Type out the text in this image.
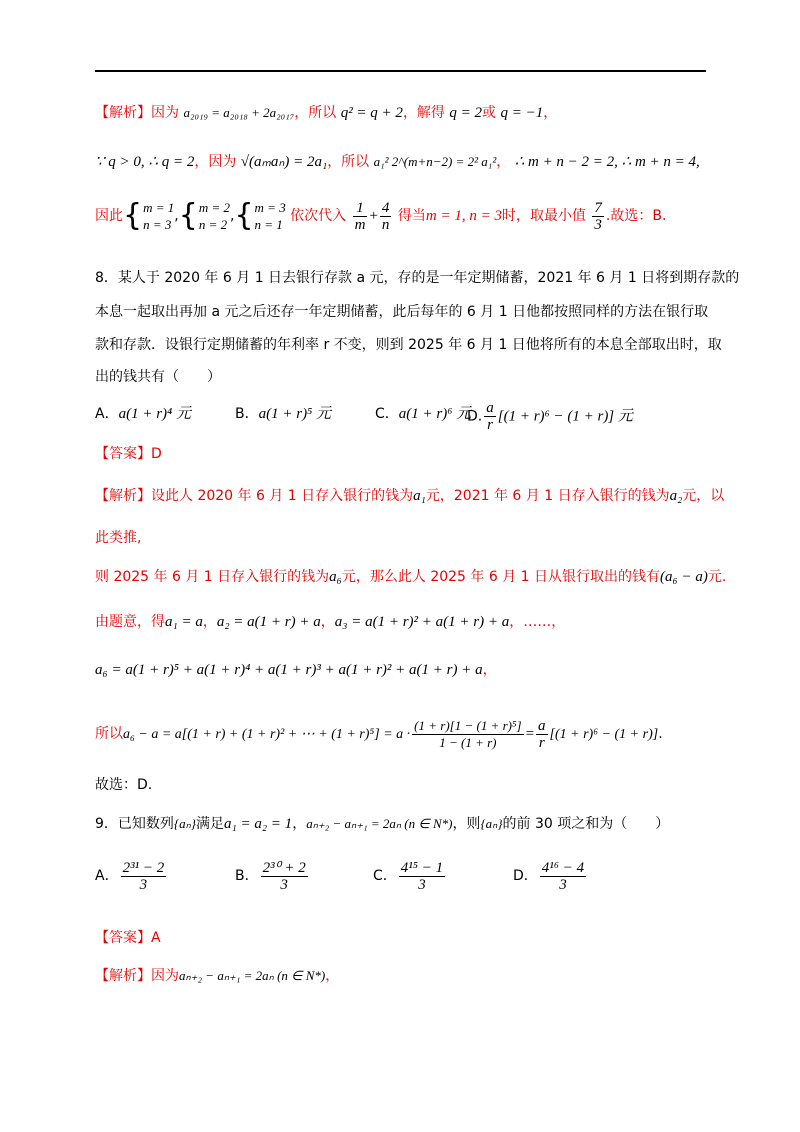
【解析】因为 a₂₀₁₉ = a₂₀₁₈ + 2a₂₀₁₇，所以 q² = q + 2，解得 q = 2或 q = −1，
∵ q > 0, ∴ q = 2，因为 √(aₘaₙ) = 2a₁，所以 a₁² 2^(m+n−2) = 2² a₁²， ∴ m + n − 2 = 2, ∴ m + n = 4,
因此{m = 1
n = 3,{m = 2
n = 2,{m = 3
n = 1 依次代入 $\frac{1}{m} + \frac{4}{n}$ 得当m = 1, n = 3时，取最小值 $\frac{7}{3}$ .故选：B.
8．某人于 2020 年 6 月 1 日去银行存款 a 元，存的是一年定期储蓄，2021 年 6 月 1 日将到期存款的
本息一起取出再加 a 元之后还存一年定期储蓄，此后每年的 6 月 1 日他都按照同样的方法在银行取
款和存款．设银行定期储蓄的年利率 r 不变，则到 2025 年 6 月 1 日他将所有的本息全部取出时，取
出的钱共有（　　）
A．a(1 + r)⁴ 元	B．a(1 + r)⁵ 元	C．a(1 + r)⁶ 元
D. $\frac{a}{r} [(1 + r)^6 - (1 + r)]$ 元
【答案】D
【解析】设此人 2020 年 6 月 1 日存入银行的钱为a₁元，2021 年 6 月 1 日存入银行的钱为a₂元，以
此类推,
则 2025 年 6 月 1 日存入银行的钱为a₆元，那么此人 2025 年 6 月 1 日从银行取出的钱有(a₆ − a)元.
由题意，得a₁ = a，a₂ = a(1 + r) + a，a₃ = a(1 + r)² + a(1 + r) + a，……，
a₆ = a(1 + r)⁵ + a(1 + r)⁴ + a(1 + r)³ + a(1 + r)² + a(1 + r) + a，
所以a₆ − a = a[(1 + r) + (1 + r)² + ⋯ + $(1 + r)^5] = a \cdot \frac{\text{(1 + r)[1 − (1 + r)⁵]}}{1 - (1 + r)} = \frac{a}{r} [(1 + r)^6 - (1 + r)]$.
故选：D.
9．已知数列{aₙ}满足a₁ = a₂ = 1，aₙ₊₂ − aₙ₊₁ = 2aₙ (n ∈ N*)，则{aₙ}的前 30 项之和为（　　）
A． $\frac{\text{2³¹ − 2}}{3}$	B． $\frac{\text{2³⁰ + 2}}{3}$	C． $\frac{\text{4¹⁵ − 1}}{3}$	D． $\frac{\text{4¹⁶ − 4}}{3}$
【答案】A
【解析】因为aₙ₊₂ − aₙ₊₁ = 2aₙ (n ∈ N*)，
